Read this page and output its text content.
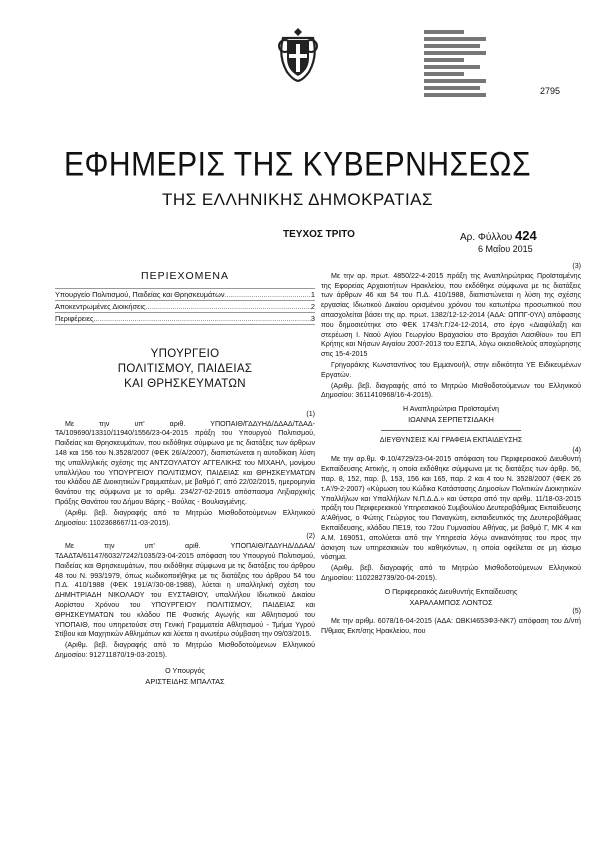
2795
ΕΦΗΜΕΡΙΣ ΤΗΣ ΚΥΒΕΡΝΗΣΕΩΣ
ΤΗΣ ΕΛΛΗΝΙΚΗΣ ΔΗΜΟΚΡΑΤΙΑΣ
ΤΕΥΧΟΣ ΤΡΙΤΟ	Αρ. Φύλλου 424
6 Μαΐου 2015
ΠΕΡΙΕΧΟΜΕΝΑ
Υπουργείο Πολιτισμού, Παιδείας και Θρησκευμάτων .....	1
Αποκεντρωμένες Διοικήσεις .....	2
Περιφέρειες .....	3
ΥΠΟΥΡΓΕΙΟ
ΠΟΛΙΤΙΣΜΟΥ, ΠΑΙΔΕΙΑΣ
ΚΑΙ ΘΡΗΣΚΕΥΜΑΤΩΝ
(1)

Με την υπ' αριθ. ΥΠΟΠΑΙΘ/ΓΔΔΥΗΔ/ΔΔΑΔ/ΤΔΑΔ-ΤΑ/109690/13310/11940/1556/23-04-2015 πράξη του Υπουργού Πολιτισμού, Παιδείας και Θρησκευμάτων, που εκδόθηκε σύμφωνα με τις διατάξεις των άρθρων 148 και 156 του Ν.3528/2007 (ΦΕΚ 26/Α/2007), διαπιστώνεται η αυτοδίκαιη λύση της υπαλληλικής σχέσης της ΑΝΤΖΟΥΛΑΤΟΥ ΑΓΓΕΛΙΚΗΣ του ΜΙΧΑΗΛ, μονίμου υπαλλήλου του ΥΠΟΥΡΓΕΙΟΥ ΠΟΛΙΤΙΣΜΟΥ, ΠΑΙΔΕΙΑΣ και ΘΡΗΣΚΕΥΜΑΤΩΝ του κλάδου ΔΕ Διοικητικών Γραμματέων, με βαθμό Γ, από 22/02/2015, ημερομηνία θανάτου της σύμφωνα με το αριθμ. 234/27-02-2015 απόσπασμα Ληξιαρχικής Πράξης Θανάτου του Δήμου Βάρης - Βούλας - Βουλιαγμένης.

(Αριθμ. βεβ. διαγραφής από το Μητρώο Μισθοδοτούμενων Ελληνικού Δημοσίου: 1102368667/11-03-2015).

(2)

Με την υπ' αριθ. ΥΠΟΠΑΙΘ/ΓΔΔΥΗΔ/ΔΔΑΔ/ΤΔΑΔΤΑ/61147/6032/7242/1035/23-04-2015 απόφαση του Υπουργού Πολιτισμού, Παιδείας και Θρησκευμάτων, που εκδόθηκε σύμφωνα με τις διατάξεις του άρθρου 48 του Ν. 993/1979, όπως κωδικοποιήθηκε με τις διατάξεις του άρθρου 54 του Π.Δ. 410/1988 (ΦΕΚ 191/Α'/30-08-1988), λύεται η υπαλληλική σχέση του ΔΗΜΗΤΡΙΑΔΗ ΝΙΚΟΛΑΟΥ του ΕΥΣΤΑΘΙΟΥ, υπαλλήλου Ιδιωτικού Δικαίου Αορίστου Χρόνου του ΥΠΟΥΡΓΕΙΟΥ ΠΟΛΙΤΙΣΜΟΥ, ΠΑΙΔΕΙΑΣ και ΘΡΗΣΚΕΥΜΑΤΩΝ του κλάδου ΠΕ Φυσικής Αγωγής και Αθλητισμού του ΥΠΟΠΑΙΘ, που υπηρετούσε στη Γενική Γραμματεία Αθλητισμού - Τμήμα Υγρού Στίβου και Μαχητικών Αθλημάτων και λύεται η ανωτέρω σύμβαση την 09/03/2015.

(Αριθμ. βεβ. διαγραφής από το Μητρώο Μισθοδοτούμενων Ελληνικού Δημοσίου: 912711870/19-03-2015).

Ο Υπουργός
ΑΡΙΣΤΕΙΔΗΣ ΜΠΑΛΤΑΣ
(3)

Με την αρ. πρωτ. 4850/22-4-2015 πράξη της Αναπληρώτριας Προϊσταμένης της Εφορείας Αρχαιοτήτων Ηρακλείου, που εκδόθηκε σύμφωνα με τις διατάξεις των άρθρων 46 και 54 του Π.Δ. 410/1988, διαπιστώνεται η λύση της σχέσης εργασίας Ιδιωτικού Δικαίου ορισμένου χρόνου του κατωτέρω προσωπικού που απασχολείται βάσει της αρ. πρωτ. 1382/12-12-2014 (ΑΔΑ: ΩΠΠΓ-0ΥΛ) απόφασης που δημοσιεύτηκε στο ΦΕΚ 1743/τ.Γ/24-12-2014, στο έργο «Διαφύλαξη και στερέωση Ι. Ναού Αγίου Γεωργίου Βραχασίου στο Βραχάσι Λασιθίου» του ΕΠ Κρήτης και Νήσων Αιγαίου 2007-2013 του ΕΣΠΑ, λόγω οικειοθελούς αποχώρησης στις 15-4-2015

Γρηγοράκης Κωνσταντίνος του Εμμανουήλ, στην ειδικότητα ΥΕ Ειδικευμένων Εργατών.

(Αριθμ. βεβ. διαγραφής από το Μητρώο Μισθοδοτούμενων του Ελληνικού Δημοσίου: 3611410968/16-4-2015).

Η Αναπληρώτρια Προϊσταμένη
ΙΩΑΝΝΑ ΣΕΡΠΕΤΣΙΔΑΚΗ
ΔΙΕΥΘΥΝΣΕΙΣ ΚΑΙ ΓΡΑΦΕΙΑ ΕΚΠΑΙΔΕΥΣΗΣ
(4)

Με την αρ.θμ. Φ.10/4729/23-04-2015 απόφαση του Περιφερειακού Διευθυντή Εκπαίδευσης Αττικής, η οποία εκδόθηκε σύμφωνα με τις διατάξεις των άρθρ. 56, παρ. 8, 152, παρ. β, 153, 156 και 165, παρ. 2 και 4 του Ν. 3528/2007 (ΦΕΚ 26 τ.Α'/9-2-2007) «Κύρωση του Κώδικα Κατάστασης Δημοσίων Πολιτικών Διοικητικών Υπαλλήλων και Υπαλλήλων Ν.Π.Δ.Δ.» και ύστερα από την αριθμ. 11/18-03-2015 πράξη του Περιφερειακού Υπηρεσιακού Συμβουλίου Δευτεροβάθμιας Εκπαίδευσης Α'Αθήνας, ο Φώτης Γεώργιος του Παναγιώτη, εκπαιδευτικός της Δευτεροβάθμιας Εκπαίδευσης, κλάδου ΠΕ19, του 72ου Γυμνασίου Αθήνας, με βαθμό Γ, ΜΚ 4 και Α.Μ. 169051, απολύεται από την Υπηρεσία λόγω ανικανότητας του προς την άσκηση των υπηρεσιακών του καθηκόντων, η οποία οφείλεται σε μη ιάσιμο νόσημα.

(Αριθμ. βεβ. διαγραφής από το Μητρώο Μισθοδοτούμενων Ελληνικού Δημοσίου: 1102282739/20-04-2015).

Ο Περιφερειακός Διευθυντής Εκπαίδευσης
ΧΑΡΑΛΑΜΠΟΣ ΛΟΝΤΟΣ
(5)

Με την αριθμ. 6078/16-04-2015 (ΑΔΑ: ΩΒΚΙ4653Φ3-ΝΚ7) απόφαση του Δ/ντή Π/θμιας Εκπ/σης Ηρακλείου, που
